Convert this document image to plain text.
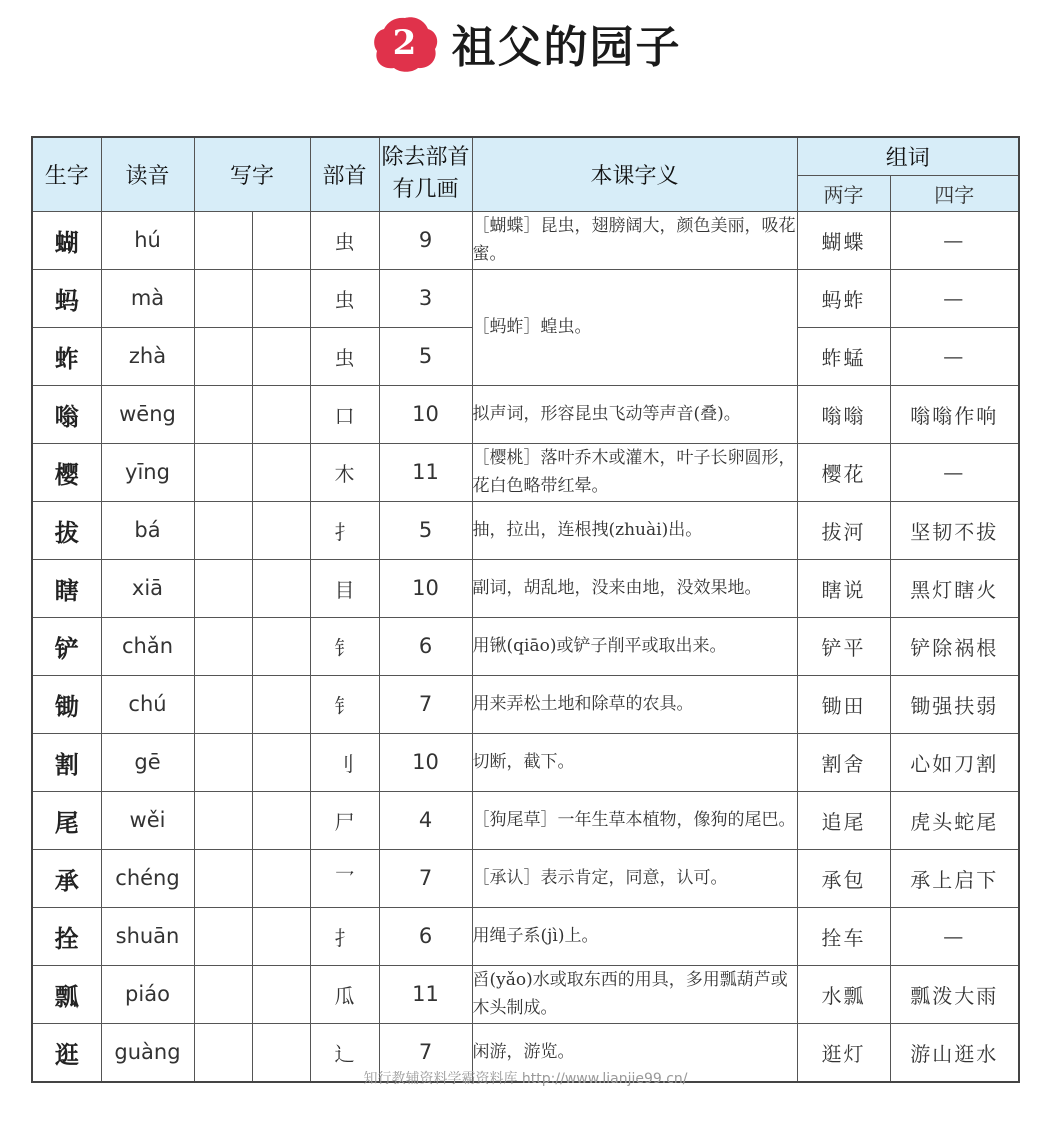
2 祖父的园子
生字	读音	写字		部首	除去部首
有几画	本课字义	组词	
							两字	四字
蝴	hú			虫	9	［蝴蝶］昆虫，翅膀阔大，颜色美丽，吸花蜜。	蝴蝶	—
蚂	mà			虫	3	［蚂蚱］蝗虫。	蚂蚱	—
蚱	zhà			虫	5		蚱蜢	—
嗡	wēng			口	10	拟声词，形容昆虫飞动等声音(叠)。	嗡嗡	嗡嗡作响
樱	yīng			木	11	［樱桃］落叶乔木或灌木，叶子长卵圆形，花白色略带红晕。	樱花	—
拔	bá			扌	5	抽，拉出，连根拽(zhuài)出。	拔河	坚韧不拔
瞎	xiā			目	10	副词，胡乱地，没来由地，没效果地。	瞎说	黑灯瞎火
铲	chǎn			钅	6	用锹(qiāo)或铲子削平或取出来。	铲平	铲除祸根
锄	chú			钅	7	用来弄松土地和除草的农具。	锄田	锄强扶弱
割	gē			刂	10	切断，截下。	割舍	心如刀割
尾	wěi			尸	4	［狗尾草］一年生草本植物，像狗的尾巴。	追尾	虎头蛇尾
承	chéng			乛	7	［承认］表示肯定，同意，认可。	承包	承上启下
拴	shuān			扌	6	用绳子系(jì)上。	拴车	—
瓢	piáo			瓜	11	舀(yǎo)水或取东西的用具，多用瓢葫芦或木头制成。	水瓢	瓢泼大雨
逛	guàng			辶	7	闲游，游览。	逛灯	游山逛水
知行教辅资料学霸资料库 http://www.lianjie99.cn/
